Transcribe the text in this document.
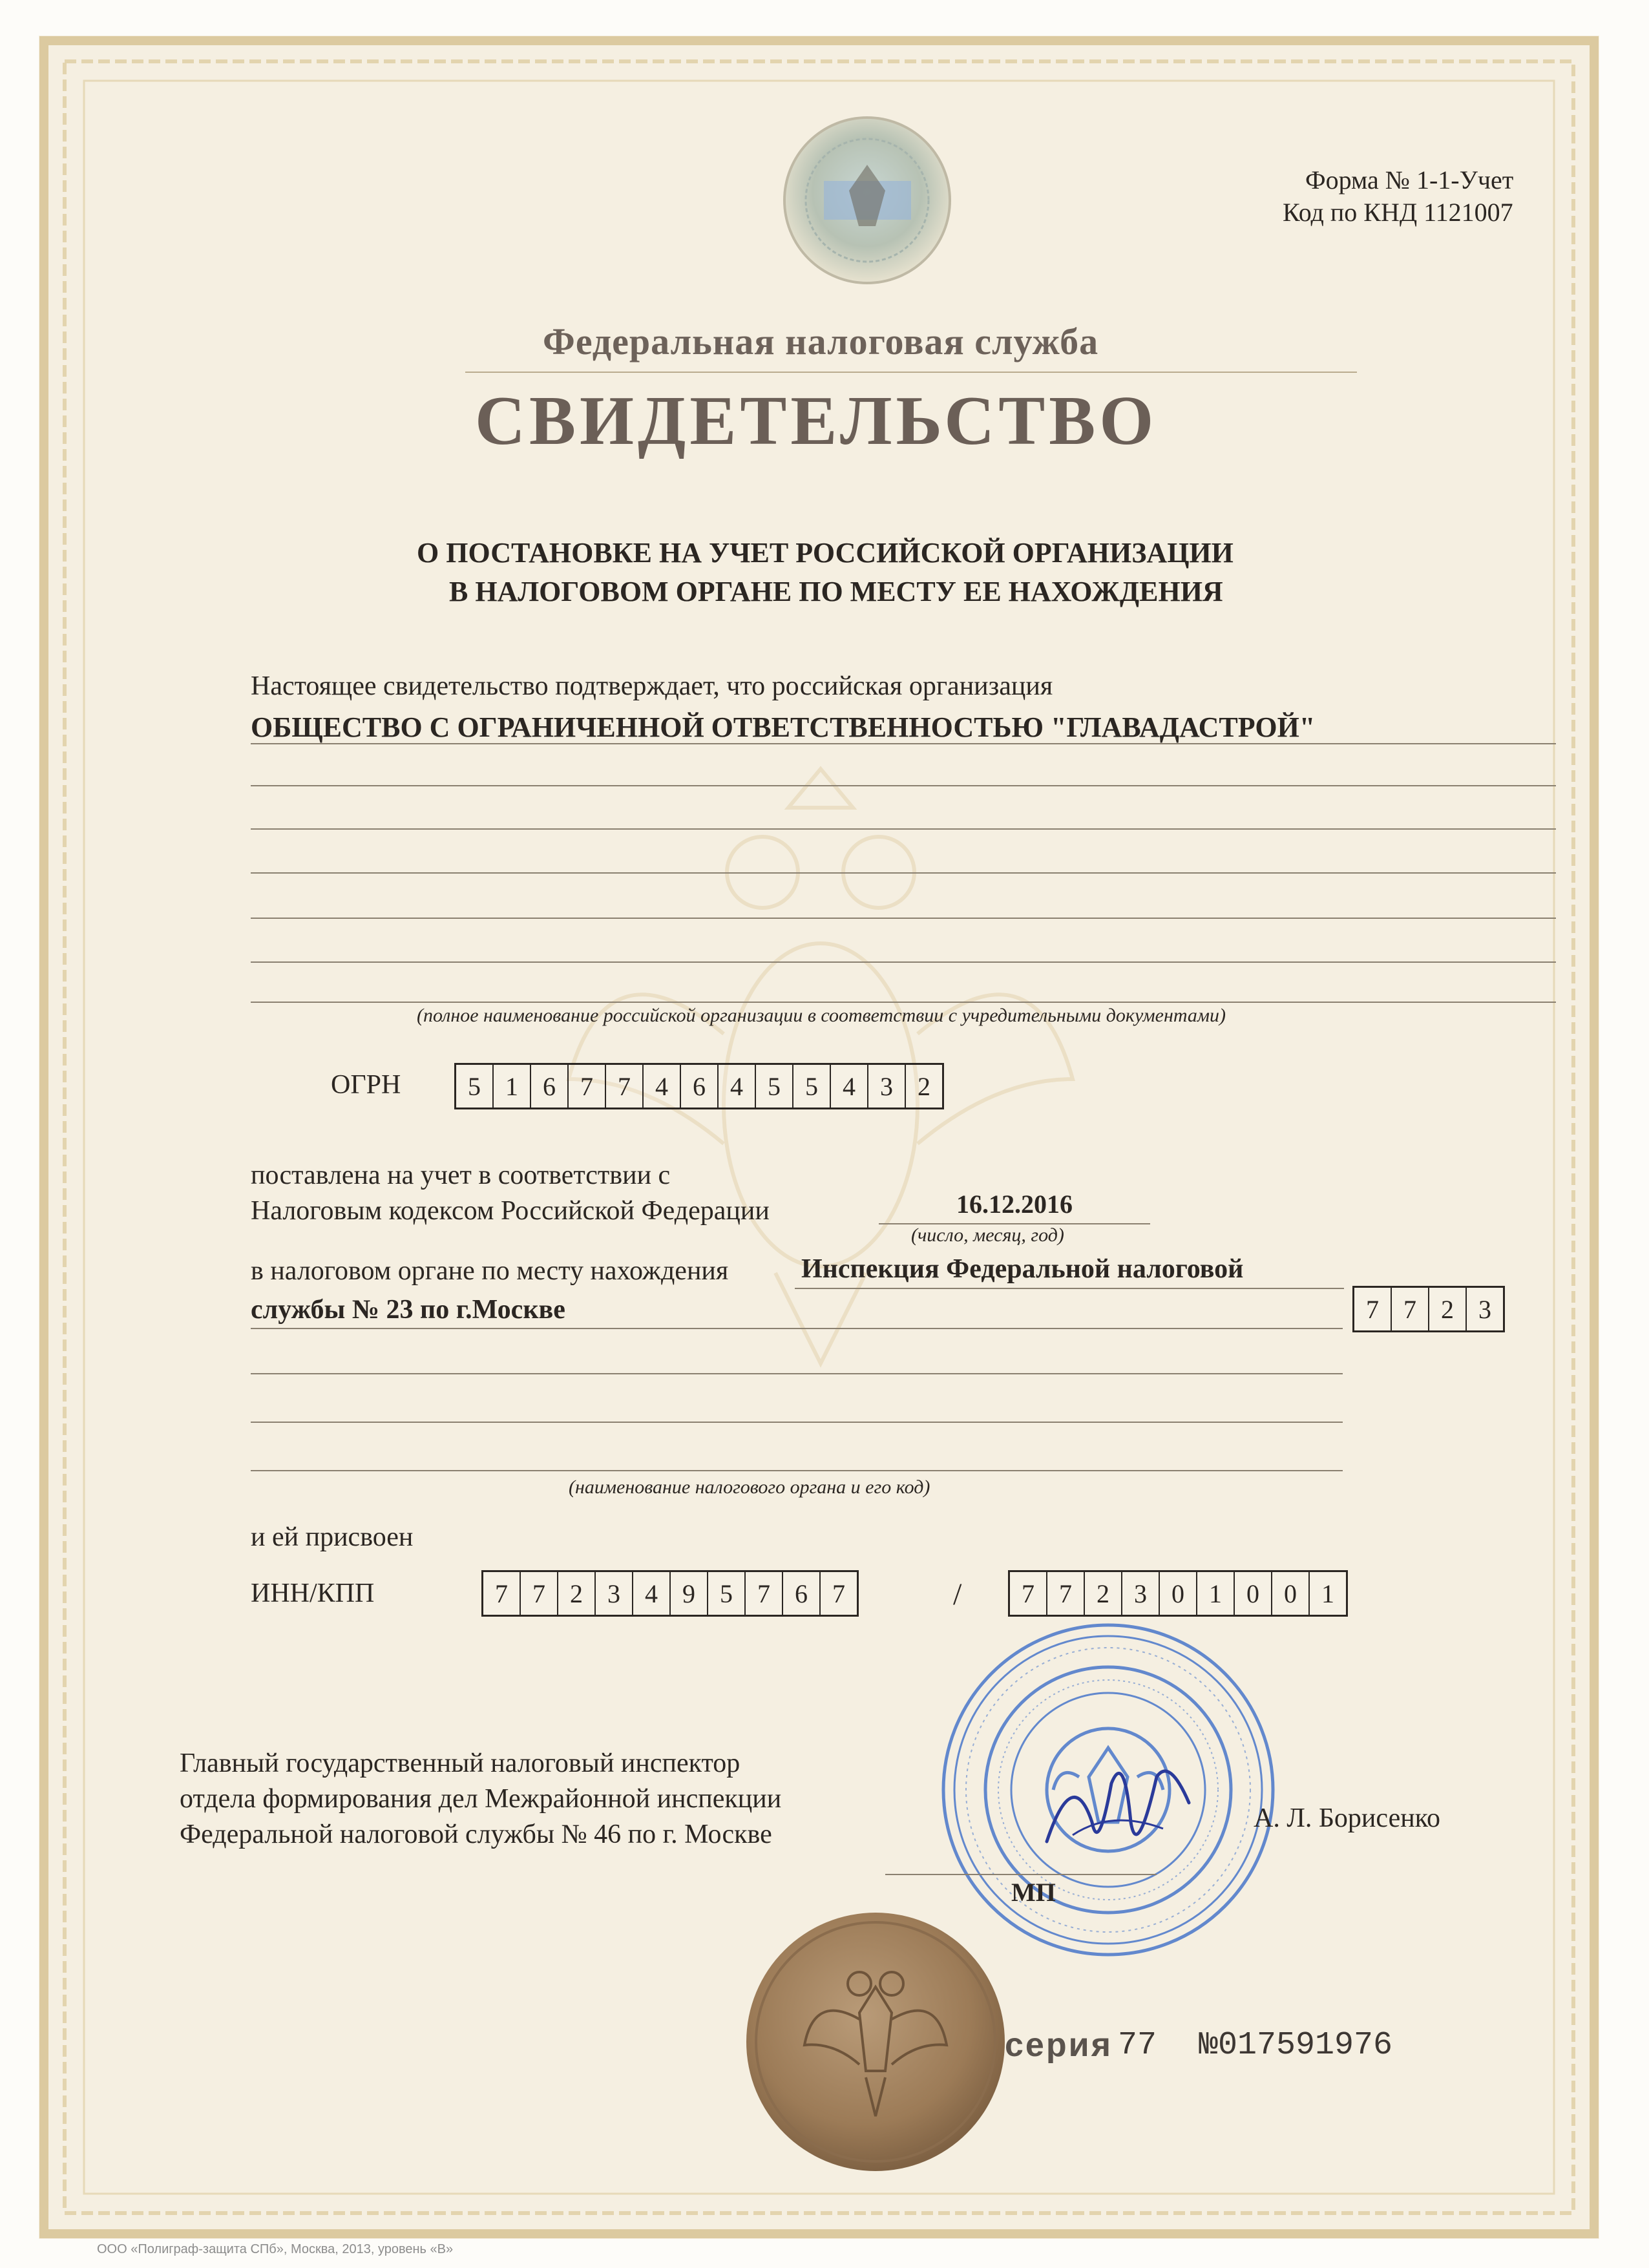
Форма № 1-1-Учет
Код по КНД 1121007
Федеральная налоговая служба
СВИДЕТЕЛЬСТВО
О ПОСТАНОВКЕ НА УЧЕТ РОССИЙСКОЙ ОРГАНИЗАЦИИ
В НАЛОГОВОМ ОРГАНЕ ПО МЕСТУ ЕЕ НАХОЖДЕНИЯ
Настоящее свидетельство подтверждает, что российская организация
ОБЩЕСТВО С ОГРАНИЧЕННОЙ ОТВЕТСТВЕННОСТЬЮ "ГЛАВАДАСТРОЙ"
(полное наименование российской организации в соответствии с учредительными документами)
ОГРН	5 1 6 7 7 4 6 4 5 5 4 3 2
поставлена на учет в соответствии с
Налоговым кодексом Российской Федерации	16.12.2016
(число, месяц, год)
в налоговом органе по месту нахождения	Инспекция Федеральной налоговой
службы № 23 по г.Москве	7 7 2 3
(наименование налогового органа и его код)
и ей присвоен
ИНН/КПП	7 7 2 3 4 9 5 7 6 7	/	7 7 2 3 0 1 0 0 1
Главный государственный налоговый инспектор
отдела формирования дел Межрайонной инспекции
Федеральной налоговой службы № 46 по г. Москве
А. Л. Борисенко
МП
серия 77 №017591976
ООО «Полиграф-защита СПб», Москва, 2013, уровень «В»
